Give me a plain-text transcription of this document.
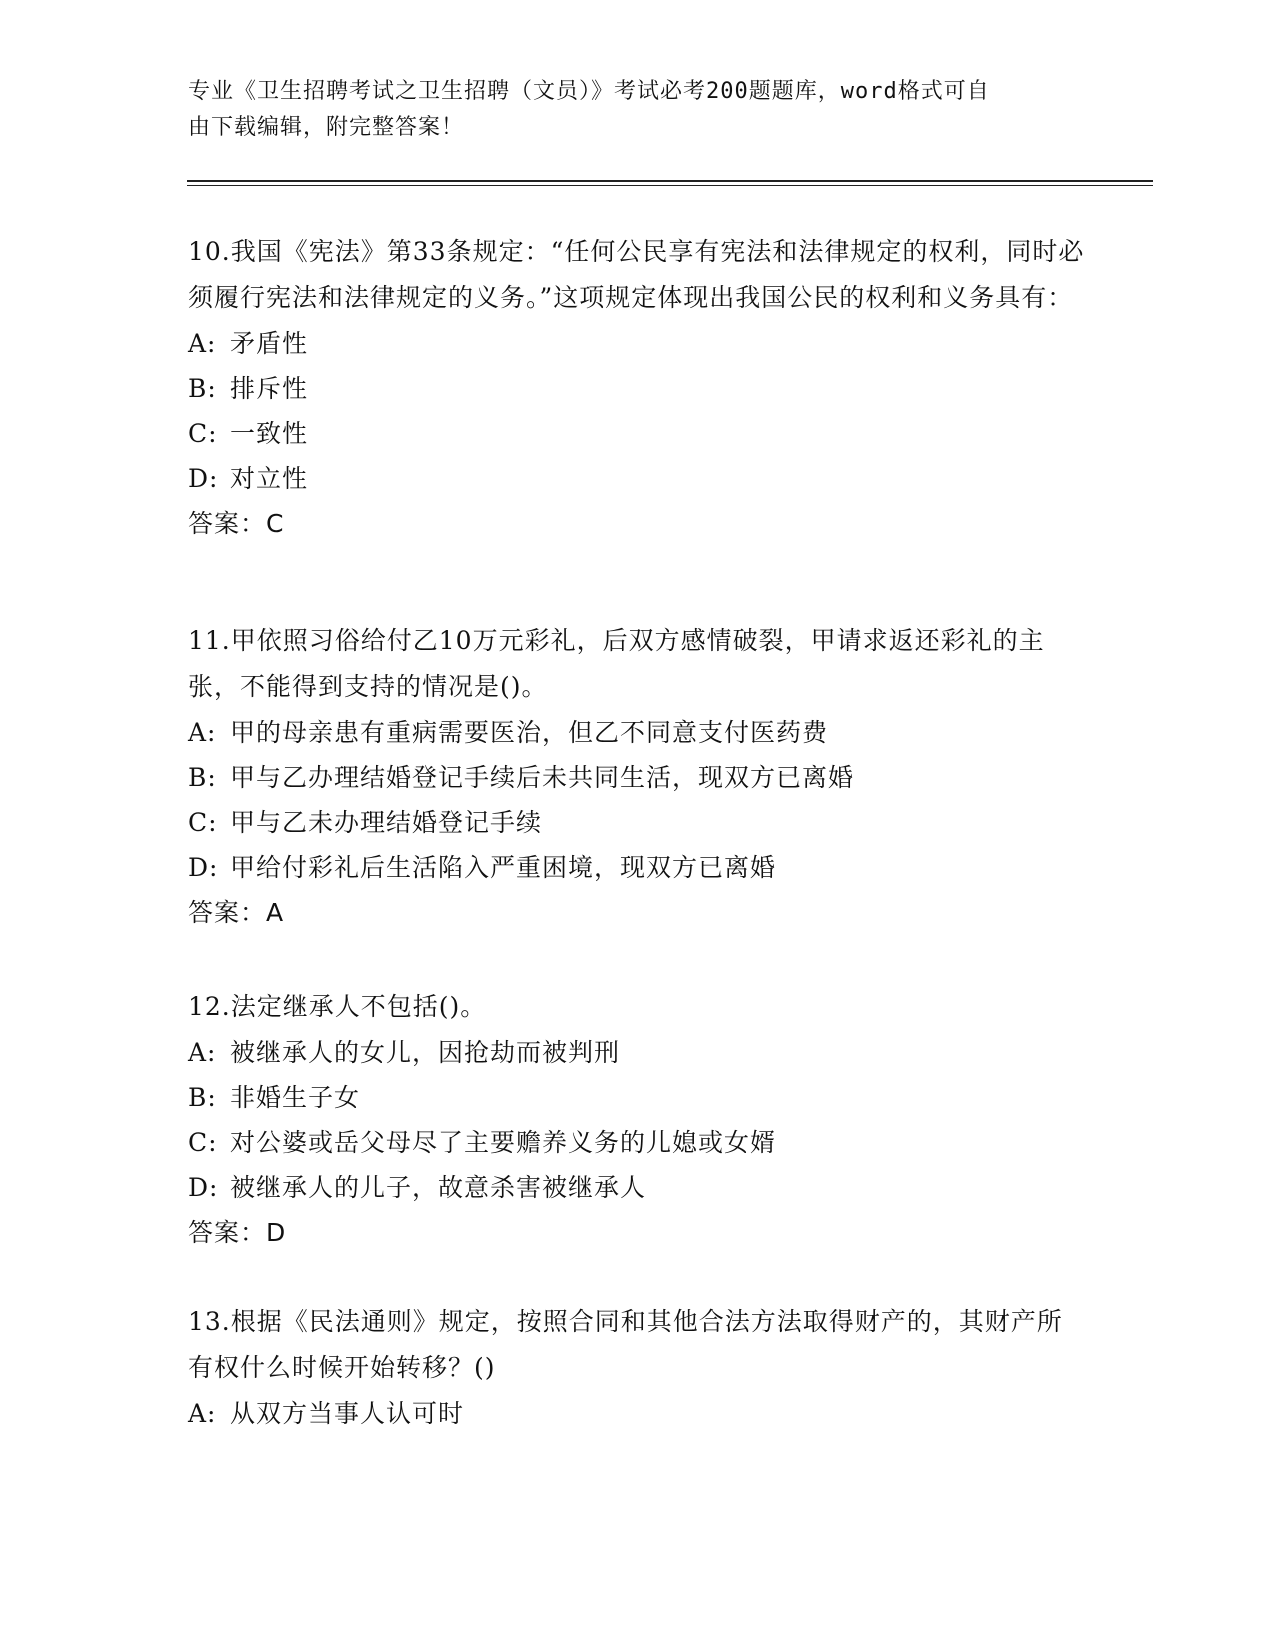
专业《卫生招聘考试之卫生招聘（文员）》考试必考200题题库，word格式可自
由下载编辑，附完整答案！
10.我国《宪法》第33条规定：“任何公民享有宪法和法律规定的权利，同时必须履行宪法和法律规定的义务。”这项规定体现出我国公民的权利和义务具有：
A: 矛盾性
B: 排斥性
C: 一致性
D: 对立性
答案：C
11.甲依照习俗给付乙10万元彩礼，后双方感情破裂，甲请求返还彩礼的主张，不能得到支持的情况是()。
A: 甲的母亲患有重病需要医治，但乙不同意支付医药费
B: 甲与乙办理结婚登记手续后未共同生活，现双方已离婚
C: 甲与乙未办理结婚登记手续
D: 甲给付彩礼后生活陷入严重困境，现双方已离婚
答案：A
12.法定继承人不包括()。
A: 被继承人的女儿，因抢劫而被判刑
B: 非婚生子女
C: 对公婆或岳父母尽了主要赡养义务的儿媳或女婿
D: 被继承人的儿子，故意杀害被继承人
答案：D
13.根据《民法通则》规定，按照合同和其他合法方法取得财产的，其财产所有权什么时候开始转移？()
A: 从双方当事人认可时
